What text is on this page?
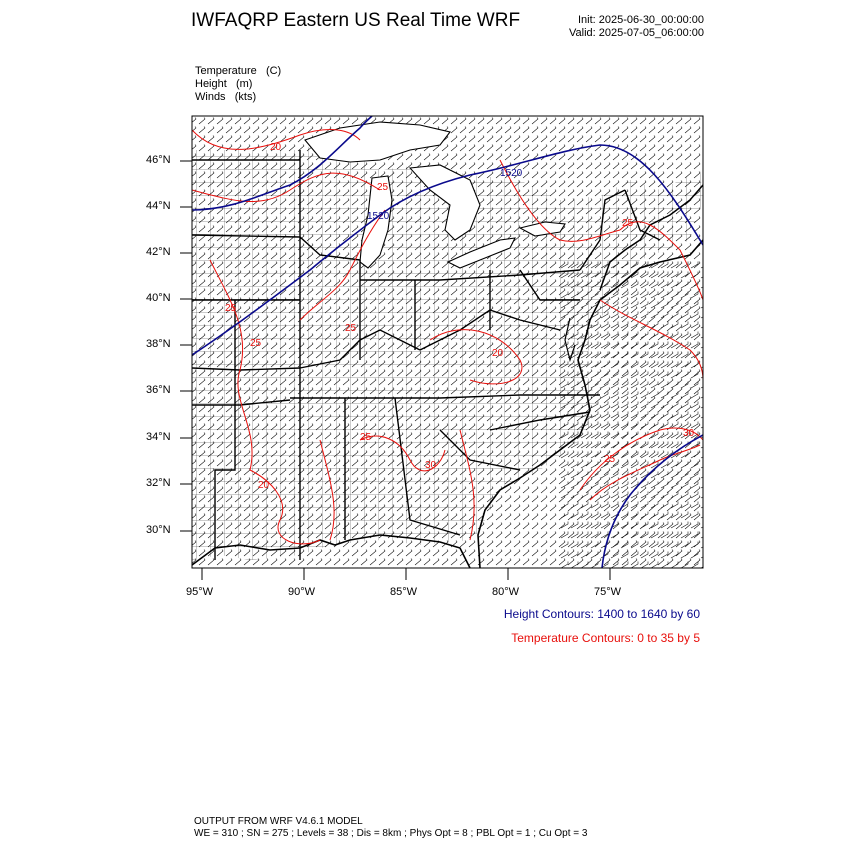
IWFAQRP Eastern US Real Time WRF	Init: 2025-06-30_00:00:00
Valid: 2025-07-05_06:00:00
Temperature (C)
Height (m)
Winds (kts)
1520
1520
20
25
25
25
25
25
25
20
30
20
30
25
46°N
44°N
42°N
40°N
38°N
36°N
34°N
32°N
30°N
95°W	90°W	85°W	80°W	75°W
Height Contours: 1400 to 1640 by 60
Temperature Contours: 0 to 35 by 5
OUTPUT FROM WRF V4.6.1 MODEL
WE = 310 ; SN = 275 ; Levels = 38 ; Dis = 8km ; Phys Opt = 8 ; PBL Opt = 1 ; Cu Opt = 3
